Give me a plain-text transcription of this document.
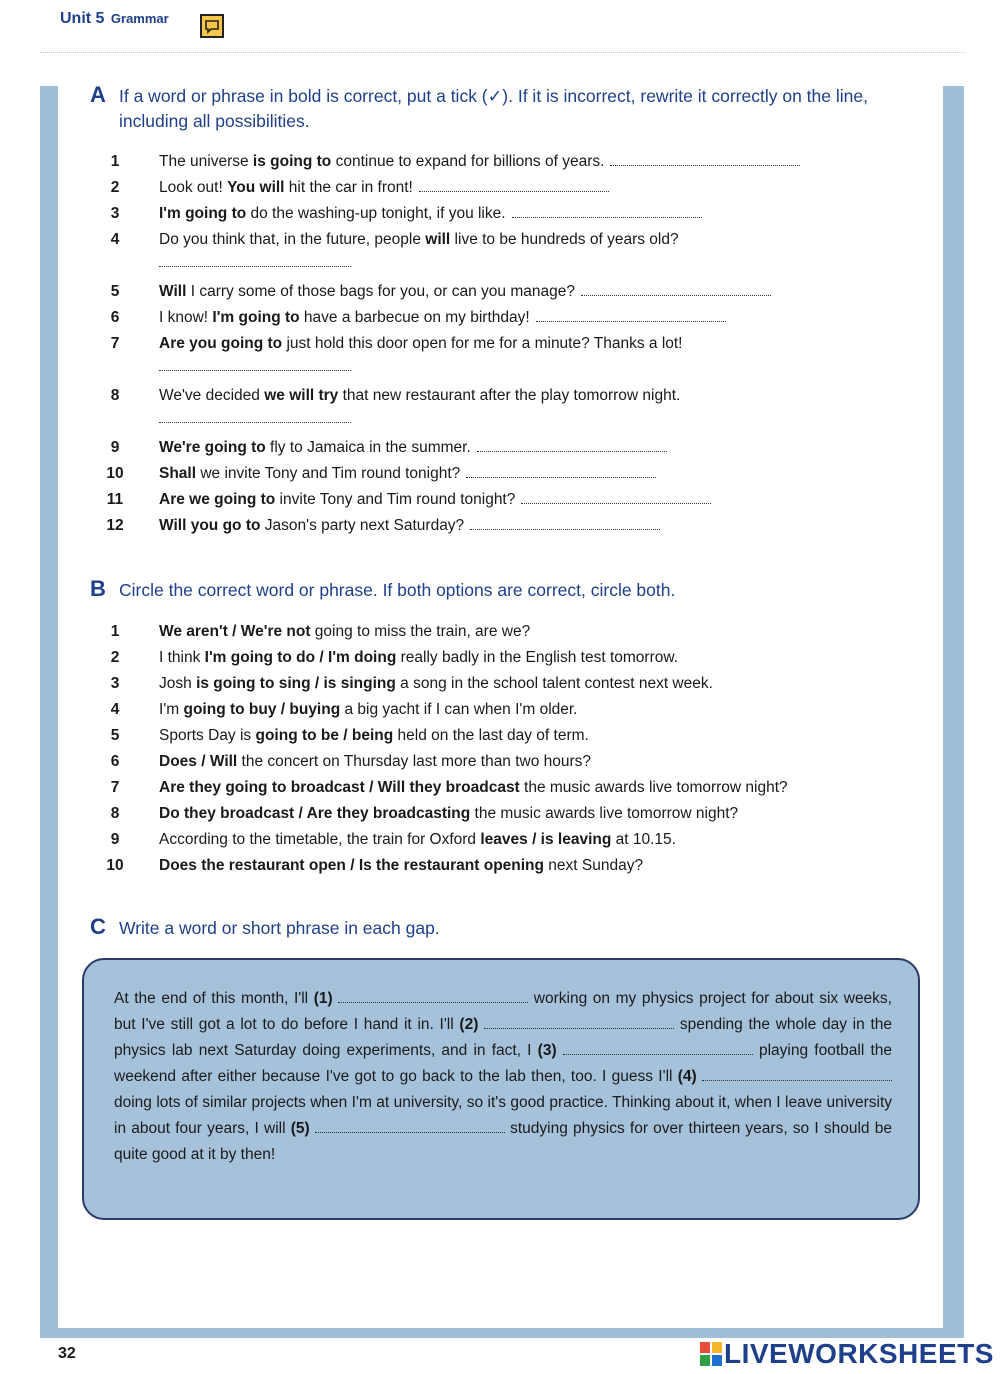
Unit 5 Grammar
A If a word or phrase in bold is correct, put a tick (✓). If it is incorrect, rewrite it correctly on the line, including all possibilities.
1	The universe is going to continue to expand for billions of years.
2	Look out! You will hit the car in front!
3	I'm going to do the washing-up tonight, if you like.
4	Do you think that, in the future, people will live to be hundreds of years old?
5	Will I carry some of those bags for you, or can you manage?
6	I know! I'm going to have a barbecue on my birthday!
7	Are you going to just hold this door open for me for a minute? Thanks a lot!
8	We've decided we will try that new restaurant after the play tomorrow night.
9	We're going to fly to Jamaica in the summer.
10	Shall we invite Tony and Tim round tonight?
11	Are we going to invite Tony and Tim round tonight?
12	Will you go to Jason's party next Saturday?
B Circle the correct word or phrase. If both options are correct, circle both.
1	We aren't / We're not going to miss the train, are we?
2	I think I'm going to do / I'm doing really badly in the English test tomorrow.
3	Josh is going to sing / is singing a song in the school talent contest next week.
4	I'm going to buy / buying a big yacht if I can when I'm older.
5	Sports Day is going to be / being held on the last day of term.
6	Does / Will the concert on Thursday last more than two hours?
7	Are they going to broadcast / Will they broadcast the music awards live tomorrow night?
8	Do they broadcast / Are they broadcasting the music awards live tomorrow night?
9	According to the timetable, the train for Oxford leaves / is leaving at 10.15.
10	Does the restaurant open / Is the restaurant opening next Sunday?
C Write a word or short phrase in each gap.

At the end of this month, I'll (1)	working on my physics project for about six weeks, but I've still got a lot to do before I hand it in. I'll (2)	spending the whole day in the physics lab next Saturday doing experiments, and in fact, I (3)	playing football the weekend after either because I've got to go back to the lab then, too. I guess I'll (4)  doing lots of similar projects when I'm at university, so it's good practice. Thinking about it, when I leave university in about four years, I will (5)	studying physics for over thirteen years, so I should be quite good at it by then!

32	LIVEWORKSHEETS
